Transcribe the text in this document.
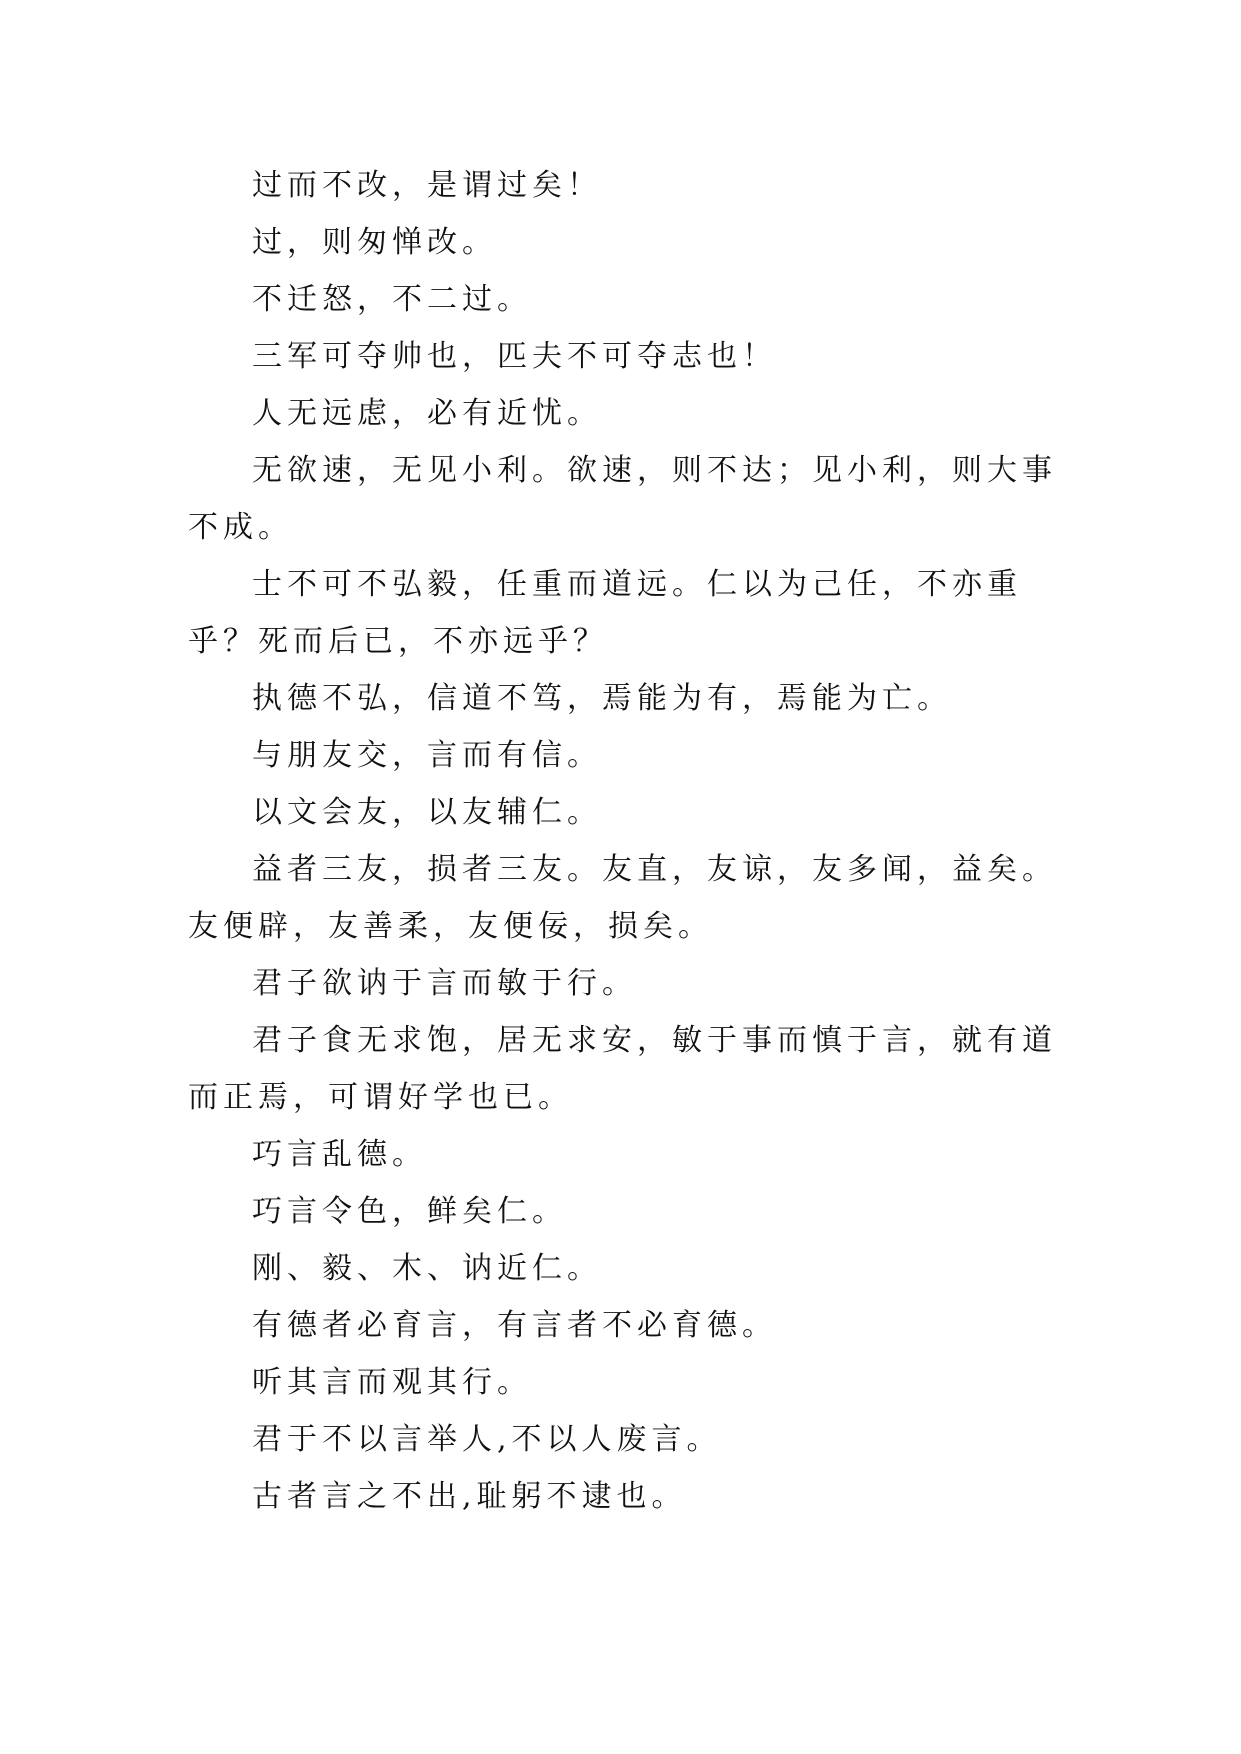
过而不改，是谓过矣！

过，则匆惮改。

不迁怒，不二过。

三军可夺帅也，匹夫不可夺志也！

人无远虑，必有近忧。

无欲速，无见小利。欲速，则不达；见小利，则大事不成。

士不可不弘毅，任重而道远。仁以为己任，不亦重乎？死而后已，不亦远乎？

执德不弘，信道不笃，焉能为有，焉能为亡。

与朋友交，言而有信。

以文会友，以友辅仁。

益者三友，损者三友。友直，友谅，友多闻，益矣。友便辟，友善柔，友便佞，损矣。

君子欲讷于言而敏于行。

君子食无求饱，居无求安，敏于事而慎于言，就有道而正焉，可谓好学也已。

巧言乱德。

巧言令色，鲜矣仁。

刚、毅、木、讷近仁。

有德者必育言，有言者不必育德。

听其言而观其行。

君于不以言举人,不以人废言。

古者言之不出,耻躬不逮也。
